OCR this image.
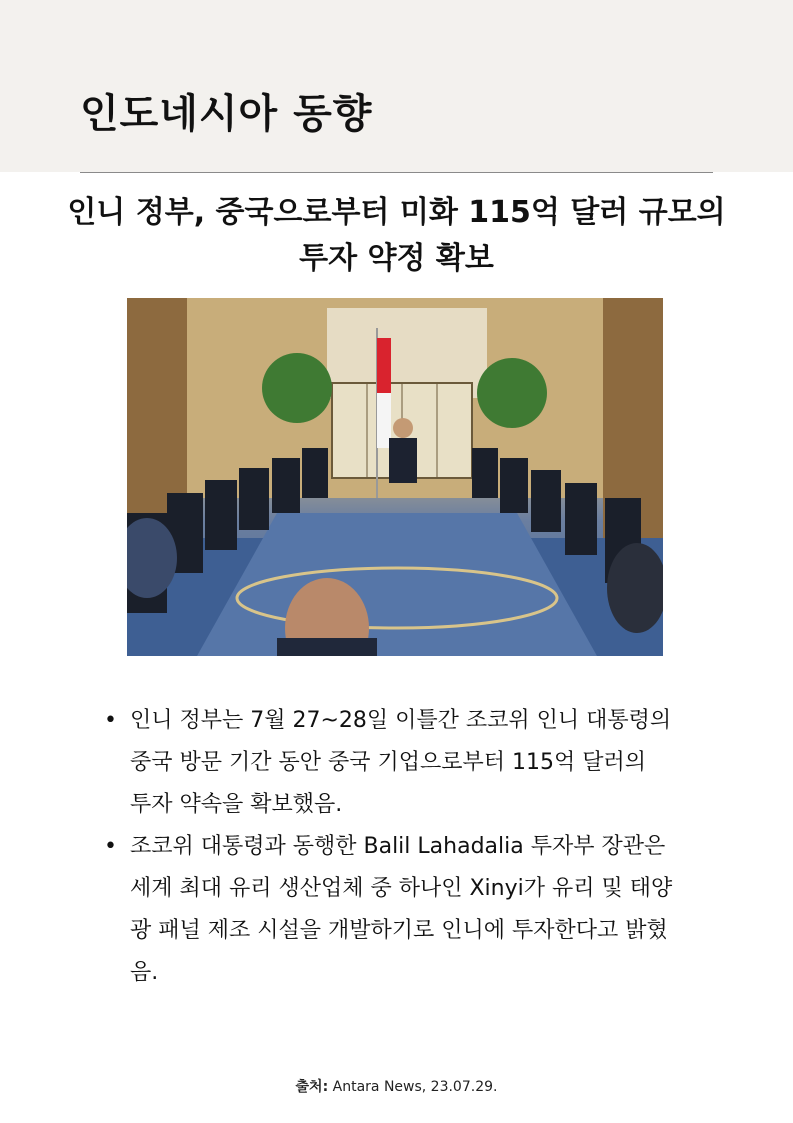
인도네시아 동향
인니 정부, 중국으로부터 미화 115억 달러 규모의 투자 약정 확보
• 인니 정부는 7월 27~28일 이틀간 조코위 인니 대통령의 중국 방문 기간 동안 중국 기업으로부터 115억 달러의 투자 약속을 확보했음.
• 조코위 대통령과 동행한 Balil Lahadalia 투자부 장관은 세계 최대 유리 생산업체 중 하나인 Xinyi가 유리 및 태양광 패널 제조 시설을 개발하기로 인니에 투자한다고 밝혔음.
출처: Antara News, 23.07.29.
